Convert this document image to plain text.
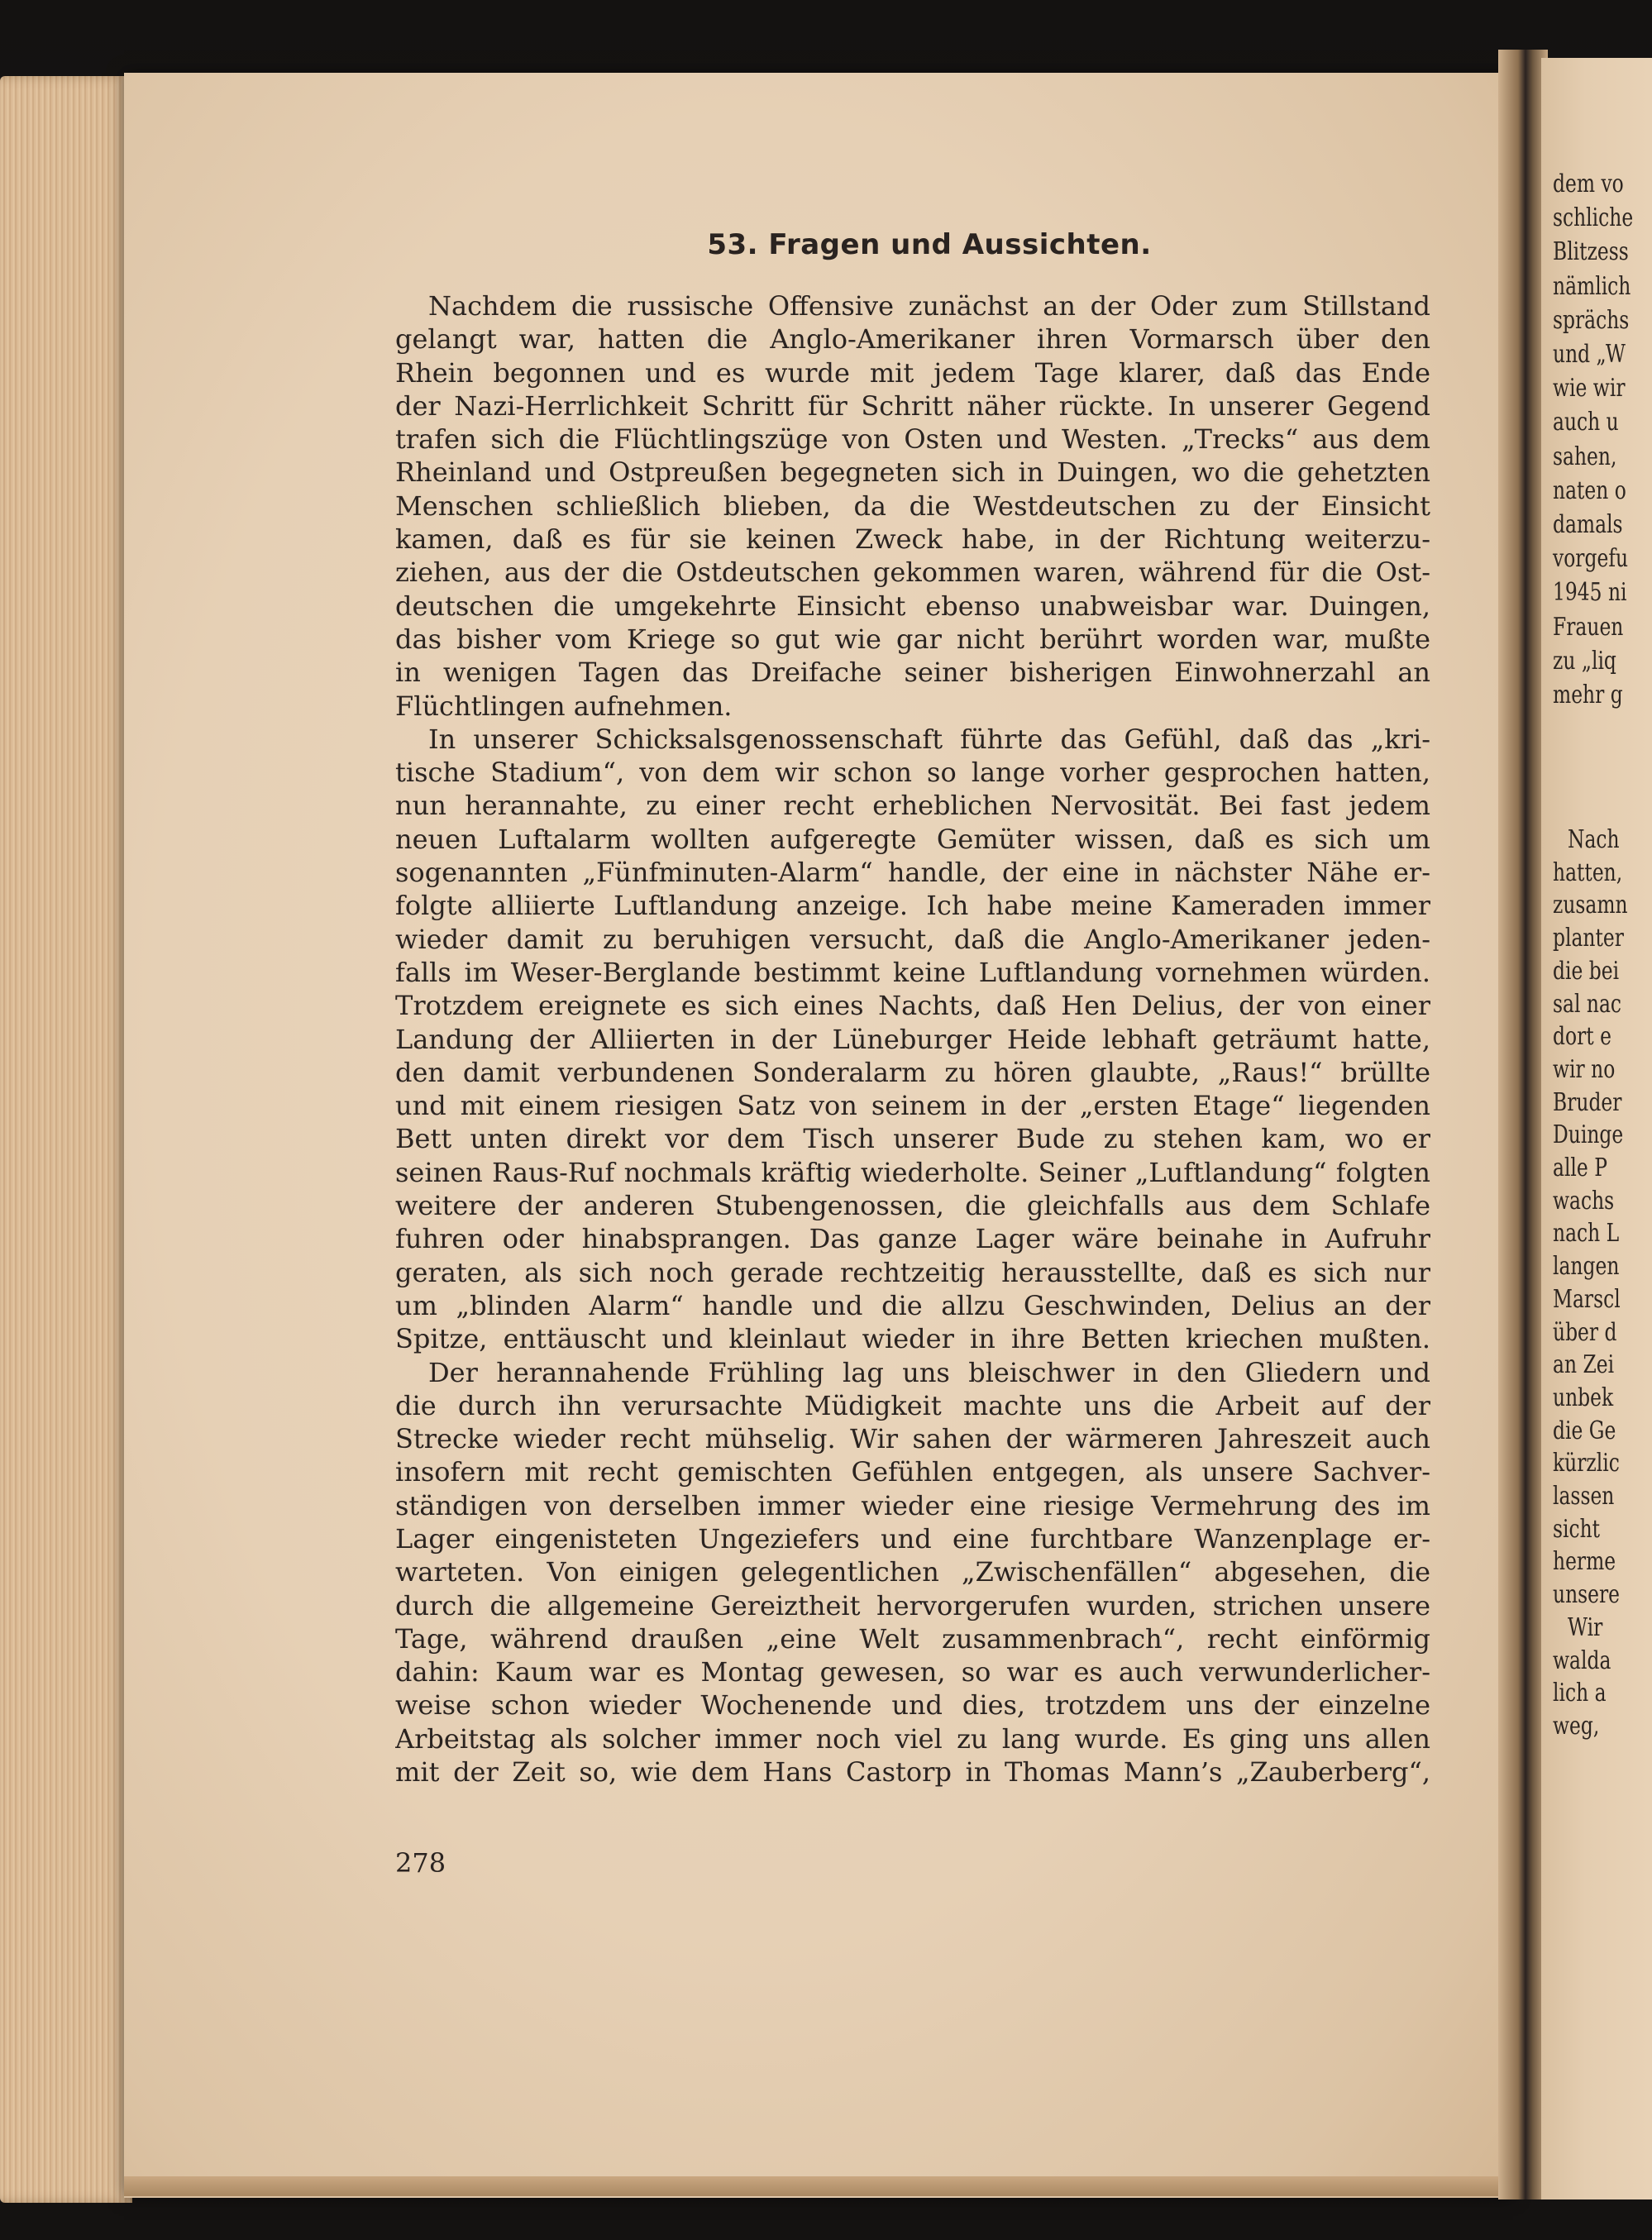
dem vo
schliche
Blitzess
nämlich
sprächs
und „W
wie wir
auch u
sahen,
naten o
damals
vorgefu
1945 ni
Frauen
zu „liq
mehr g
Nach
hatten,
zusamn
planter
die bei
sal nac
dort e
wir no
Bruder
Duinge
alle P
wachs
nach L
langen
Marscl
über d
an Zei
unbek
die Ge
kürzlic
lassen
sicht
herme
unsere
Wir
walda
lich a
weg,
53. Fragen und Aussichten.
Nachdem die russische Offensive zunächst an der Oder zum Stillstand
gelangt war, hatten die Anglo-Amerikaner ihren Vormarsch über den
Rhein begonnen und es wurde mit jedem Tage klarer, daß das Ende
der Nazi-Herrlichkeit Schritt für Schritt näher rückte. In unserer Gegend
trafen sich die Flüchtlingszüge von Osten und Westen. „Trecks“ aus dem
Rheinland und Ostpreußen begegneten sich in Duingen, wo die gehetzten
Menschen schließlich blieben, da die Westdeutschen zu der Einsicht
kamen, daß es für sie keinen Zweck habe, in der Richtung weiterzu-
ziehen, aus der die Ostdeutschen gekommen waren, während für die Ost-
deutschen die umgekehrte Einsicht ebenso unabweisbar war. Duingen,
das bisher vom Kriege so gut wie gar nicht berührt worden war, mußte
in wenigen Tagen das Dreifache seiner bisherigen Einwohnerzahl an
Flüchtlingen aufnehmen.
In unserer Schicksalsgenossenschaft führte das Gefühl, daß das „kri-
tische Stadium“, von dem wir schon so lange vorher gesprochen hatten,
nun herannahte, zu einer recht erheblichen Nervosität. Bei fast jedem
neuen Luftalarm wollten aufgeregte Gemüter wissen, daß es sich um
sogenannten „Fünfminuten-Alarm“ handle, der eine in nächster Nähe er-
folgte alliierte Luftlandung anzeige. Ich habe meine Kameraden immer
wieder damit zu beruhigen versucht, daß die Anglo-Amerikaner jeden-
falls im Weser-Berglande bestimmt keine Luftlandung vornehmen würden.
Trotzdem ereignete es sich eines Nachts, daß Hen Delius, der von einer
Landung der Alliierten in der Lüneburger Heide lebhaft geträumt hatte,
den damit verbundenen Sonderalarm zu hören glaubte, „Raus!“ brüllte
und mit einem riesigen Satz von seinem in der „ersten Etage“ liegenden
Bett unten direkt vor dem Tisch unserer Bude zu stehen kam, wo er
seinen Raus-Ruf nochmals kräftig wiederholte. Seiner „Luftlandung“ folgten
weitere der anderen Stubengenossen, die gleichfalls aus dem Schlafe
fuhren oder hinabsprangen. Das ganze Lager wäre beinahe in Aufruhr
geraten, als sich noch gerade rechtzeitig herausstellte, daß es sich nur
um „blinden Alarm“ handle und die allzu Geschwinden, Delius an der
Spitze, enttäuscht und kleinlaut wieder in ihre Betten kriechen mußten.
Der herannahende Frühling lag uns bleischwer in den Gliedern und
die durch ihn verursachte Müdigkeit machte uns die Arbeit auf der
Strecke wieder recht mühselig. Wir sahen der wärmeren Jahreszeit auch
insofern mit recht gemischten Gefühlen entgegen, als unsere Sachver-
ständigen von derselben immer wieder eine riesige Vermehrung des im
Lager eingenisteten Ungeziefers und eine furchtbare Wanzenplage er-
warteten. Von einigen gelegentlichen „Zwischenfällen“ abgesehen, die
durch die allgemeine Gereiztheit hervorgerufen wurden, strichen unsere
Tage, während draußen „eine Welt zusammenbrach“, recht einförmig
dahin: Kaum war es Montag gewesen, so war es auch verwunderlicher-
weise schon wieder Wochenende und dies, trotzdem uns der einzelne
Arbeitstag als solcher immer noch viel zu lang wurde. Es ging uns allen
mit der Zeit so, wie dem Hans Castorp in Thomas Mann’s „Zauberberg“,
278
